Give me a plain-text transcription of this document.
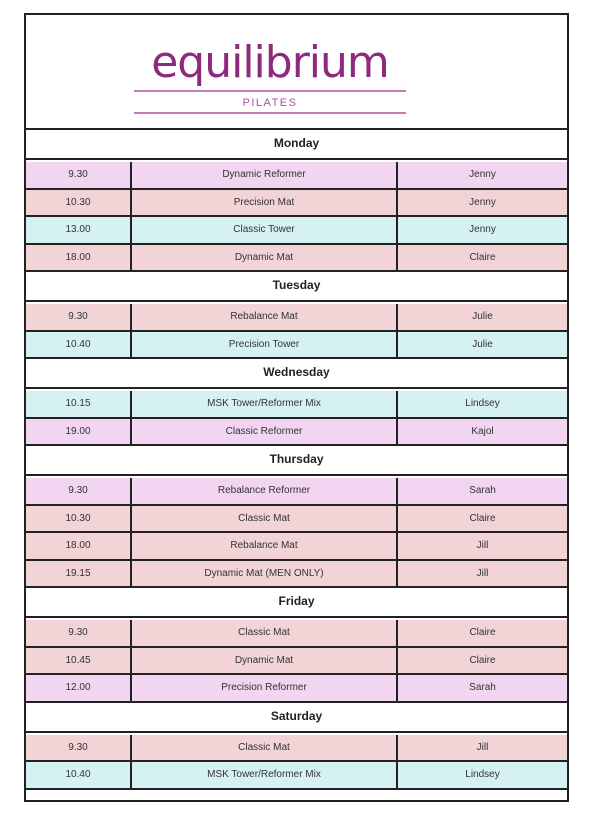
equilibrium
PILATES
Monday
9.30	Dynamic Reformer	Jenny
10.30	Precision Mat	Jenny
13.00	Classic Tower	Jenny
18.00	Dynamic Mat	Claire
Tuesday
9.30	Rebalance Mat	Julie
10.40	Precision Tower	Julie
Wednesday
10.15	MSK Tower/Reformer Mix	Lindsey
19.00	Classic Reformer	Kajol
Thursday
9.30	Rebalance Reformer	Sarah
10.30	Classic Mat	Claire
18.00	Rebalance Mat	Jill
19.15	Dynamic Mat (MEN ONLY)	Jill
Friday
9.30	Classic Mat	Claire
10.45	Dynamic Mat	Claire
12.00	Precision Reformer	Sarah
Saturday
9.30	Classic Mat	Jill
10.40	MSK Tower/Reformer Mix	Lindsey
